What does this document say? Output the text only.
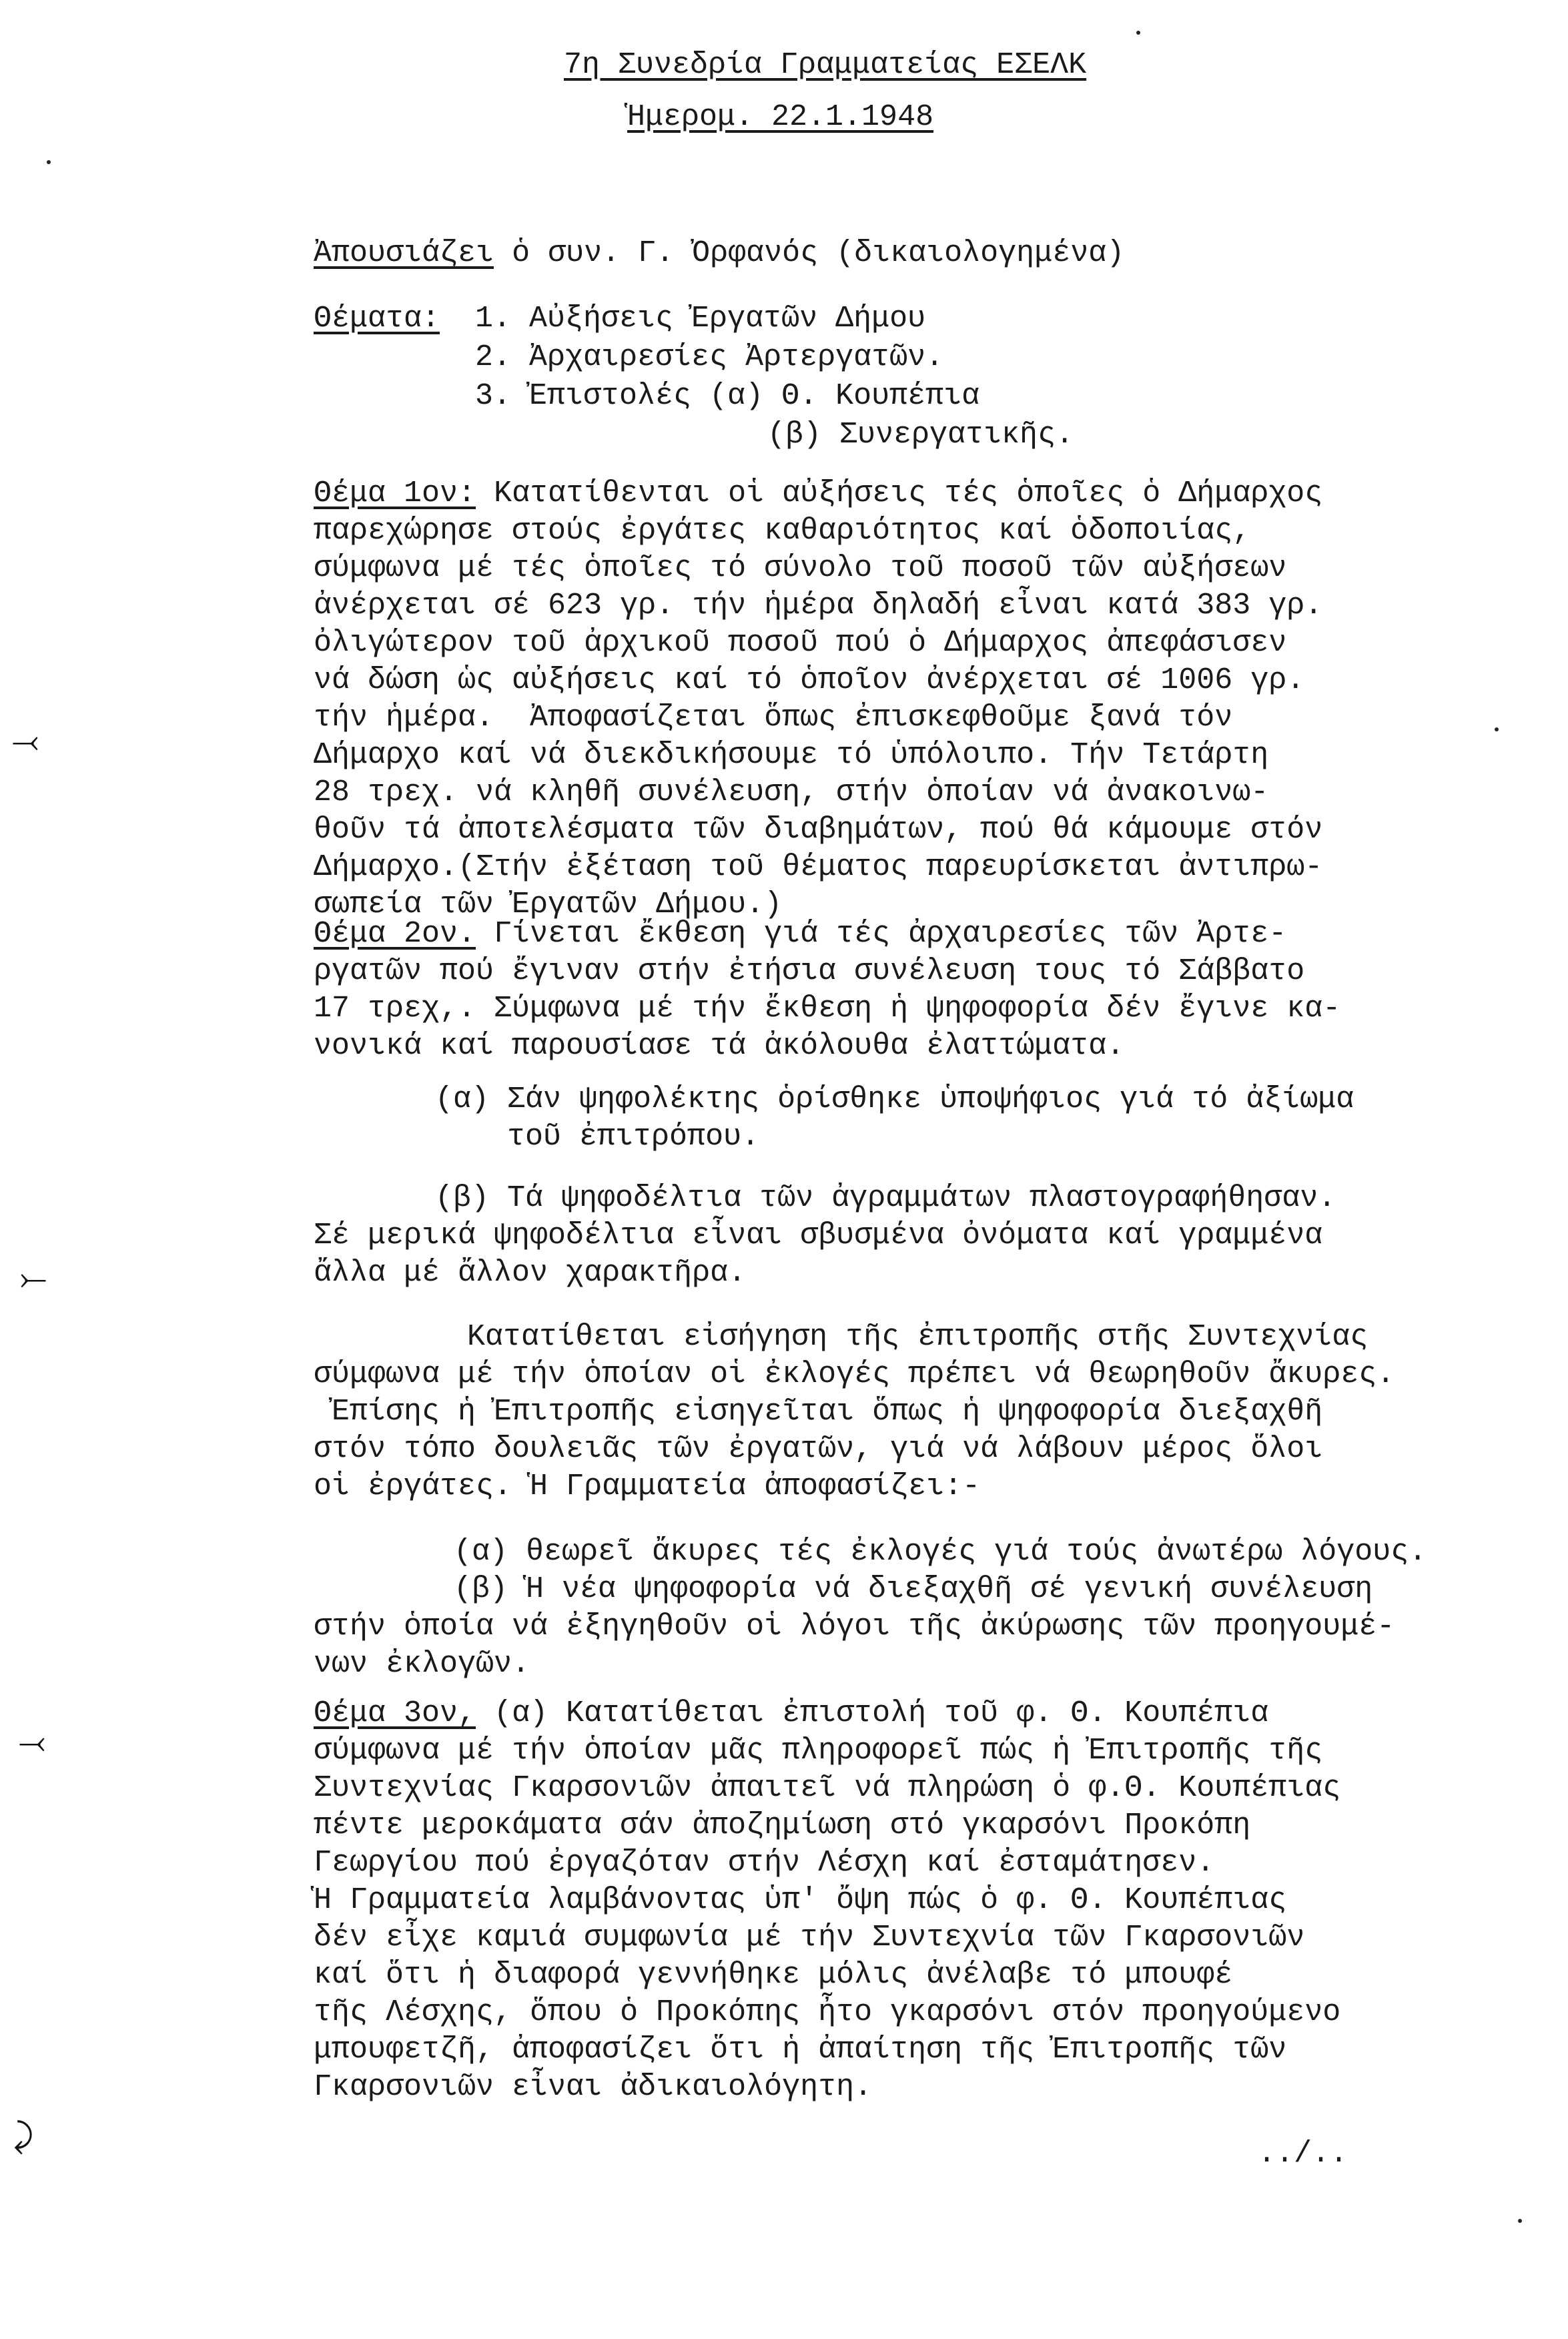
7η Συνεδρία Γραμματείας ΕΣΕΛΚ
Ἡμερομ. 22.1.1948
Ἀπουσιάζει ὁ συν. Γ. Ὀρφανός (δικαιολογημένα)
Θέματα: 1. Αὐξήσεις Ἐργατῶν Δήμου
2. Ἀρχαιρεσίες Ἀρτεργατῶν.
3. Ἐπιστολές (α) Θ. Κουπέπια
(β) Συνεργατικῆς.
Θέμα 1ον: Κατατίθενται οἱ αὐξήσεις τές ὁποῖες ὁ Δήμαρχος
παρεχώρησε στούς ἐργάτες καθαριότητος καί ὁδοποιίας,
σύμφωνα μέ τές ὁποῖες τό σύνολο τοῦ ποσοῦ τῶν αὐξήσεων
ἀνέρχεται σέ 623 γρ. τήν ἡμέρα δηλαδή εἶναι κατά 383 γρ.
ὀλιγώτερον τοῦ ἀρχικοῦ ποσοῦ πού ὁ Δήμαρχος ἀπεφάσισεν
νά δώση ὡς αὐξήσεις καί τό ὁποῖον ἀνέρχεται σέ 1006 γρ.
τήν ἡμέρα.  Ἀποφασίζεται ὅπως ἐπισκεφθοῦμε ξανά τόν
Δήμαρχο καί νά διεκδικήσουμε τό ὑπόλοιπο. Τήν Τετάρτη
28 τρεχ. νά κληθῆ συνέλευση, στήν ὁποίαν νά ἀνακοινω-
θοῦν τά ἀποτελέσματα τῶν διαβημάτων, πού θά κάμουμε στόν
Δήμαρχο.(Στήν ἐξέταση τοῦ θέματος παρευρίσκεται ἀντιπρω-
σωπεία τῶν Ἐργατῶν Δήμου.)
Θέμα 2ον. Γίνεται ἔκθεση γιά τές ἀρχαιρεσίες τῶν Ἀρτε-
ργατῶν πού ἔγιναν στήν ἐτήσια συνέλευση τους τό Σάββατο
17 τρεχ,. Σύμφωνα μέ τήν ἔκθεση ἡ ψηφοφορία δέν ἔγινε κα-
νονικά καί παρουσίασε τά ἀκόλουθα ἐλαττώματα.
(α) Σάν ψηφολέκτης ὁρίσθηκε ὑποψήφιος γιά τό ἀξίωμα
τοῦ ἐπιτρόπου.
(β) Τά ψηφοδέλτια τῶν ἀγραμμάτων πλαστογραφήθησαν.
Σέ μερικά ψηφοδέλτια εἶναι σβυσμένα ὀνόματα καί γραμμένα
ἄλλα μέ ἄλλον χαρακτῆρα.
Κατατίθεται εἰσήγηση τῆς ἐπιτροπῆς στῆς Συντεχνίας
σύμφωνα μέ τήν ὁποίαν οἱ ἐκλογές πρέπει νά θεωρηθοῦν ἄκυρες.
Ἐπίσης ἡ Ἐπιτροπῆς εἰσηγεῖται ὅπως ἡ ψηφοφορία διεξαχθῆ
στόν τόπο δουλειᾶς τῶν ἐργατῶν, γιά νά λάβουν μέρος ὅλοι
οἱ ἐργάτες. Ἡ Γραμματεία ἀποφασίζει:-
(α) θεωρεῖ ἄκυρες τές ἐκλογές γιά τούς ἀνωτέρω λόγους.
(β) Ἡ νέα ψηφοφορία νά διεξαχθῆ σέ γενική συνέλευση
στήν ὁποία νά ἐξηγηθοῦν οἱ λόγοι τῆς ἀκύρωσης τῶν προηγουμέ-
νων ἐκλογῶν.
Θέμα 3ον, (α) Κατατίθεται ἐπιστολή τοῦ φ. Θ. Κουπέπια
σύμφωνα μέ τήν ὁποίαν μᾶς πληροφορεῖ πώς ἡ Ἐπιτροπῆς τῆς
Συντεχνίας Γκαρσονιῶν ἀπαιτεῖ νά πληρώση ὁ φ.Θ. Κουπέπιας
πέντε μεροκάματα σάν ἀποζημίωση στό γκαρσόνι Προκόπη
Γεωργίου πού ἐργαζόταν στήν Λέσχη καί ἐσταμάτησεν.
Ἡ Γραμματεία λαμβάνοντας ὑπ' ὄψη πώς ὁ φ. Θ. Κουπέπιας
δέν εἶχε καμιά συμφωνία μέ τήν Συντεχνία τῶν Γκαρσονιῶν
καί ὅτι ἡ διαφορά γεννήθηκε μόλις ἀνέλαβε τό μπουφέ
τῆς Λέσχης, ὅπου ὁ Προκόπης ἦτο γκαρσόνι στόν προηγούμενο
μπουφετζῆ, ἀποφασίζει ὅτι ἡ ἀπαίτηση τῆς Ἐπιτροπῆς τῶν
Γκαρσονιῶν εἶναι ἀδικαιολόγητη.
../..
⤙
⤚
⤙
⤸
